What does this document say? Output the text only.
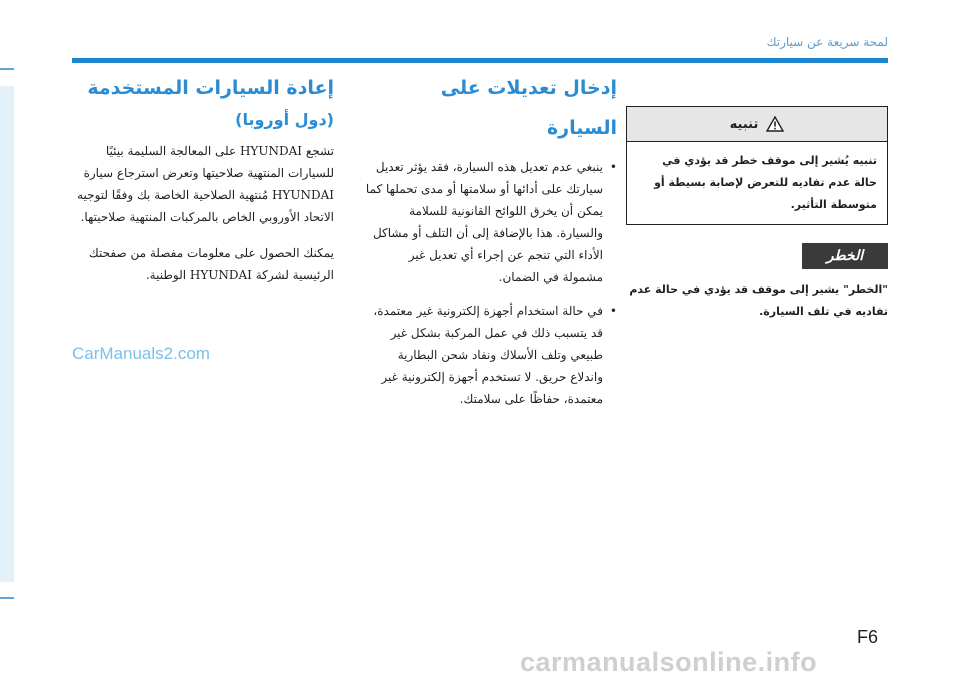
لمحة سريعة عن سيارتك
تنبيه
تنبيه يُشير إلى موقف خطر قد يؤدي في حالة عدم تفاديه للتعرض لإصابة بسيطة أو متوسطة التأثير.
الخطر
"الخطر" يشير إلى موقف قد يؤدي في حالة عدم تفاديه في تلف السيارة.
إدخال تعديلات على السيارة
•
ينبغي عدم تعديل هذه السيارة، فقد يؤثر تعديل سيارتك على أدائها أو سلامتها أو مدى تحملها كما يمكن أن يخرق اللوائح القانونية للسلامة والسيارة. هذا بالإضافة إلى أن التلف أو مشاكل الأداء التي تنجم عن إجراء أي تعديل غير مشمولة في الضمان.
•
في حالة استخدام أجهزة إلكترونية غير معتمدة، قد يتسبب ذلك في عمل المركبة بشكل غير طبيعي وتلف الأسلاك ونفاد شحن البطارية واندلاع حريق. لا تستخدم أجهزة إلكترونية غير معتمدة، حفاظًا على سلامتك.
إعادة السيارات المستخدمة
(دول أوروبا)
تشجع HYUNDAI على المعالجة السليمة بيئيًا للسيارات المنتهية صلاحيتها وتعرض استرجاع سيارة HYUNDAI مُنتهية الصلاحية الخاصة بك وفقًا لتوجيه الاتحاد الأوروبي الخاص بالمركبات المنتهية صلاحيتها.
يمكنك الحصول على معلومات مفصلة من صفحتك الرئيسية لشركة HYUNDAI الوطنية.
CarManuals2.com
F6
carmanualsonline.info
